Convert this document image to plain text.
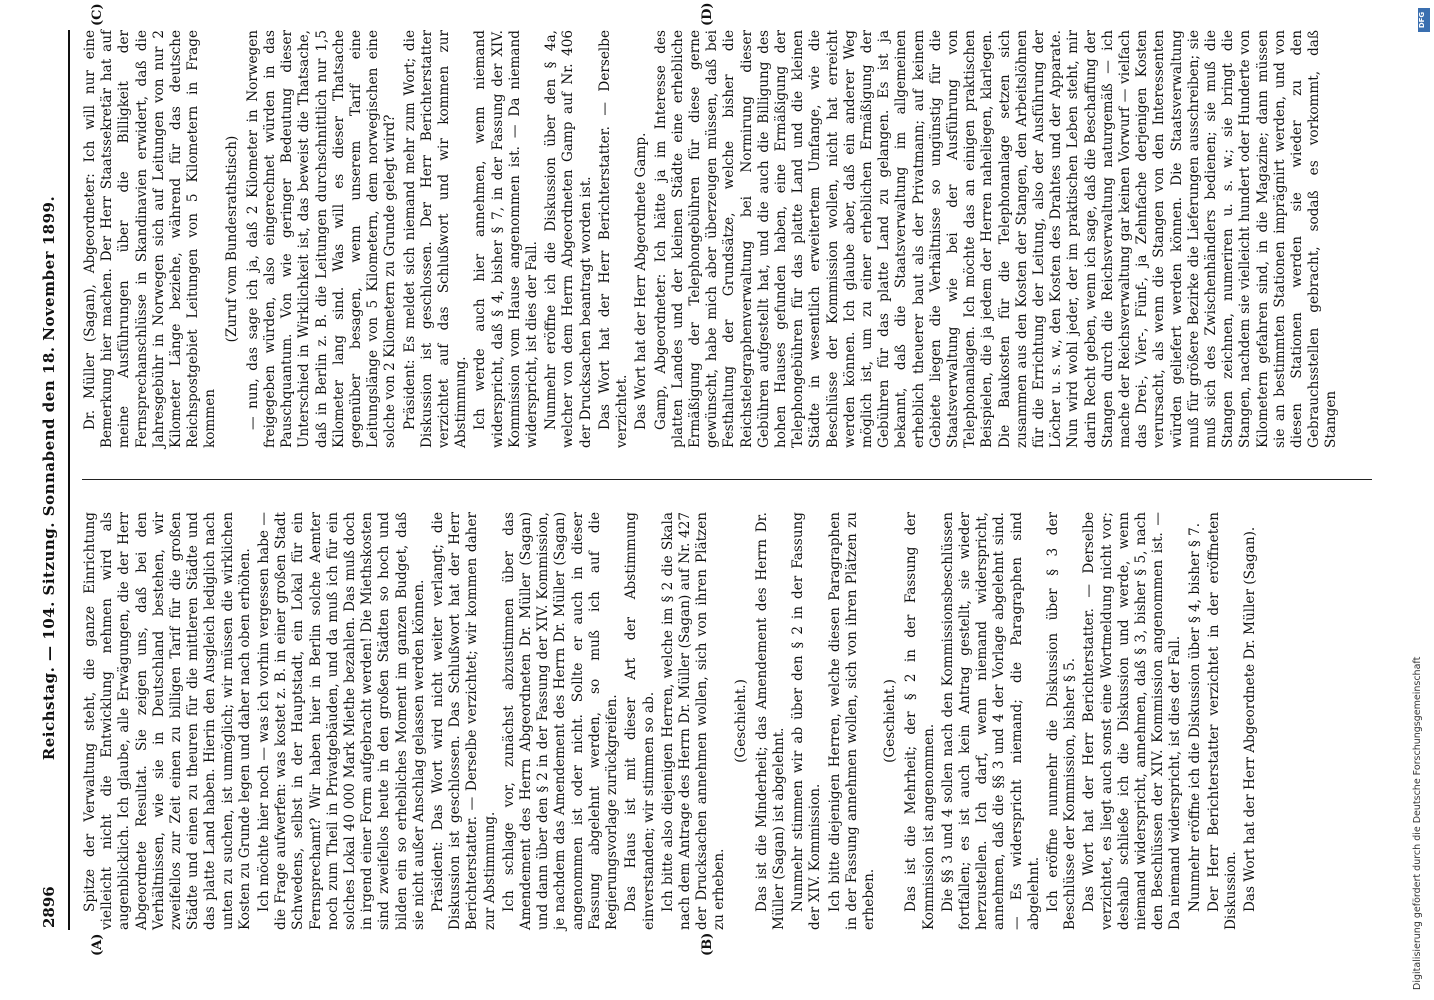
2896
Reichstag. — 104. Sitzung. Sonnabend den 18. November 1899.
(A)	(B)
(C)	(D)

Spitze der Verwaltung steht, die ganze Einrichtung vielleicht nicht die Entwicklung nehmen wird als augenblicklich. Ich glaube, alle Erwägungen, die der Herr Abgeordnete Resultat. Sie zeigen uns, daß bei den Verhältnissen, wie sie in Deutschland bestehen, wir zweifellos zur Zeit einen zu billigen Tarif für die großen Städte und einen zu theuren für die mittleren Städte und das platte Land haben. Hierin den Ausgleich lediglich nach unten zu suchen, ist unmöglich; wir müssen die wirklichen Kosten zu Grunde legen und daher nach oben erhöhen. Ich möchte hier noch — was ich vorhin vergessen habe — die Frage aufwerfen: was kostet z. B. in einer großen Stadt Schwedens, selbst in der Hauptstadt, ein Lokal für ein Fernsprechamt? Wir haben hier in Berlin solche Aemter noch zum Theil in Privatgebäuden, und da muß ich für ein solches Lokal 40 000 Mark Miethe bezahlen. Das muß doch in irgend einer Form aufgebracht werden! Die Miethskosten sind zweifellos heute in den großen Städten so hoch und bilden ein so erhebliches Moment im ganzen Budget, daß sie nicht außer Anschlag gelassen werden können. Präsident: Das Wort wird nicht weiter verlangt; die Diskussion ist geschlossen. Das Schlußwort hat der Herr Berichterstatter. — Derselbe verzichtet; wir kommen daher zur Abstimmung. Ich schlage vor, zunächst abzustimmen über das Amendement des Herrn Abgeordneten Dr. Müller (Sagan) und dann über den § 2 in der Fassung der XIV. Kommission, je nachdem das Amendement des Herrn Dr. Müller (Sagan) angenommen ist oder nicht. Sollte er auch in dieser Fassung abgelehnt werden, so muß ich auf die Regierungsvorlage zurückgreifen. Das Haus ist mit dieser Art der Abstimmung einverstanden; wir stimmen so ab. Ich bitte also diejenigen Herren, welche im § 2 die Skala nach dem Antrage des Herrn Dr. Müller (Sagan) auf Nr. 427 der Drucksachen annehmen wollen, sich von ihren Plätzen zu erheben.

(Geschieht.) Das ist die Minderheit; das Amendement des Herrn Dr. Müller (Sagan) ist abgelehnt. Nunmehr stimmen wir ab über den § 2 in der Fassung der XIV. Kommission. Ich bitte diejenigen Herren, welche diesen Paragraphen in der Fassung annehmen wollen, sich von ihren Plätzen zu erheben.

(Geschieht.) Das ist die Mehrheit; der § 2 in der Fassung der Kommission ist angenommen. Die §§ 3 und 4 sollen nach den Kommissionsbeschlüssen fortfallen; es ist auch kein Antrag gestellt, sie wieder herzustellen. Ich darf, wenn niemand widerspricht, annehmen, daß die §§ 3 und 4 der Vorlage abgelehnt sind. — Es widerspricht niemand; die Paragraphen sind abgelehnt. Ich eröffne nunmehr die Diskussion über § 3 der Beschlüsse der Kommission, bisher § 5. Das Wort hat der Herr Berichterstatter. — Derselbe verzichtet, es liegt auch sonst eine Wortmeldung nicht vor; deshalb schließe ich die Diskussion und werde, wenn niemand widerspricht, annehmen, daß § 3, bisher § 5, nach den Beschlüssen der XIV. Kommission angenommen ist. — Da niemand widerspricht, ist dies der Fall. Nunmehr eröffne ich die Diskussion über § 4, bisher § 7. Der Herr Berichterstatter verzichtet in der eröffneten Diskussion. Das Wort hat der Herr Abgeordnete Dr. Müller (Sagan).

Dr. Müller (Sagan), Abgeordneter: Ich will nur eine Bemerkung hier machen. Der Herr Staatssekretär hat auf meine Ausführungen über die Billigkeit der Fernsprechanschlüsse in Skandinavien erwidert, daß die Jahresgebühr in Norwegen sich auf Leitungen von nur 2 Kilometer Länge beziehe, während für das deutsche Reichspostgebiet Leitungen von 5 Kilometern in Frage kommen

(Zuruf vom Bundesrathstisch) — nun, das sage ich ja, daß 2 Kilometer in Norwegen freigegeben würden, also eingerechnet würden in das Pauschquantum. Von wie geringer Bedeutung dieser Unterschied in Wirklichkeit ist, das beweist die Thatsache, daß in Berlin z. B. die Leitungen durchschnittlich nur 1,5 Kilometer lang sind. Was will es dieser Thatsache gegenüber besagen, wenn unserem Tarif eine Leitungslänge von 5 Kilometern, dem norwegischen eine solche von 2 Kilometern zu Grunde gelegt wird? Präsident: Es meldet sich niemand mehr zum Wort; die Diskussion ist geschlossen. Der Herr Berichterstatter verzichtet auf das Schlußwort und wir kommen zur Abstimmung. Ich werde auch hier annehmen, wenn niemand widerspricht, daß § 4, bisher § 7, in der Fassung der XIV. Kommission vom Hause angenommen ist. — Da niemand widerspricht, ist dies der Fall. Nunmehr eröffne ich die Diskussion über den § 4a, welcher von dem Herrn Abgeordneten Gamp auf Nr. 406 der Drucksachen beantragt worden ist. Das Wort hat der Herr Berichterstatter. — Derselbe verzichtet. Das Wort hat der Herr Abgeordnete Gamp. Gamp, Abgeordneter: Ich hätte ja im Interesse des platten Landes und der kleinen Städte eine erhebliche Ermäßigung der Telephongebühren für diese gerne gewünscht, habe mich aber überzeugen müssen, daß bei Festhaltung der Grundsätze, welche bisher die Reichstelegraphenverwaltung bei Normirung dieser Gebühren aufgestellt hat, und die auch die Billigung des hohen Hauses gefunden haben, eine Ermäßigung der Telephongebühren für das platte Land und die kleinen Städte in wesentlich erweitertem Umfange, wie die Beschlüsse der Kommission wollen, nicht hat erreicht werden können. Ich glaube aber, daß ein anderer Weg möglich ist, um zu einer erheblichen Ermäßigung der Gebühren für das platte Land zu gelangen. Es ist ja bekannt, daß die Staatsverwaltung im allgemeinen erheblich theuerer baut als der Privatmann; auf keinem Gebiete liegen die Verhältnisse so ungünstig für die Staatsverwaltung wie bei der Ausführung von Telephonanlagen. Ich möchte das an einigen praktischen Beispielen, die ja jedem der Herren naheliegen, klarlegen. Die Baukosten für die Telephonanlage setzen sich zusammen aus den Kosten der Stangen, den Arbeitslöhnen für die Errichtung der Leitung, also der Ausführung der Löcher u. s. w., den Kosten des Drahtes und der Apparate. Nun wird wohl jeder, der im praktischen Leben steht, mir darin Recht geben, wenn ich sage, daß die Beschaffung der Stangen durch die Reichsverwaltung naturgemäß — ich mache der Reichsverwaltung gar keinen Vorwurf — vielfach das Drei-, Vier-, Fünf-, ja Zehnfache derjenigen Kosten verursacht, als wenn die Stangen von den Interessenten würden geliefert werden können. Die Staatsverwaltung muß für größere Bezirke die Lieferungen ausschreiben; sie muß sich des Zwischenhändlers bedienen; sie muß die Stangen zeichnen, numeriren u. s. w.; sie bringt die Stangen, nachdem sie vielleicht hundert oder Hunderte von Kilometern gefahren sind, in die Magazine; dann müssen sie an bestimmten Stationen imprägnirt werden, und von diesen Stationen werden sie wieder zu den Gebrauchsstellen gebracht, sodaß es vorkommt, daß Stangen

Digitalisierung gefördert durch die Deutsche Forschungsgemeinschaft
DFG
